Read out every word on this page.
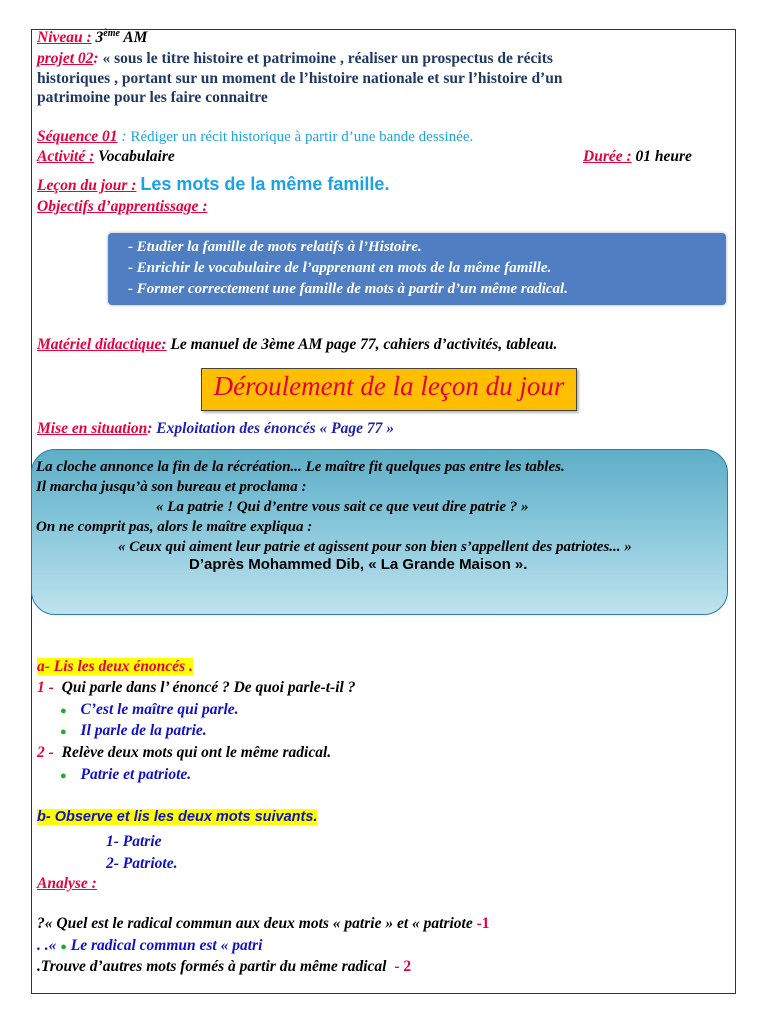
Niveau : 3ème AM
projet 02: « sous le titre histoire et patrimoine , réaliser un prospectus de récits
historiques , portant sur un moment de l’histoire nationale et sur l’histoire d’un
patrimoine pour les faire connaitre
Séquence 01 : Rédiger un récit historique à partir d’une bande dessinée.
Activité : Vocabulaire	Durée : 01 heure
Leçon du jour : Les mots de la même famille.
Objectifs d’apprentissage :
- Etudier la famille de mots relatifs à l’Histoire.
- Enrichir le vocabulaire de l’apprenant en mots de la même famille.
- Former correctement une famille de mots à partir d’un même radical.
Matériel didactique: Le manuel de 3ème AM page 77, cahiers d’activités, tableau.
Déroulement de la leçon du jour
Mise en situation: Exploitation des énoncés « Page 77 »
La cloche annonce la fin de la récréation... Le maître fit quelques pas entre les tables.
Il marcha jusqu’à son bureau et proclama :
« La patrie ! Qui d’entre vous sait ce que veut dire patrie ? »
On ne comprit pas, alors le maître expliqua :
« Ceux qui aiment leur patrie et agissent pour son bien s’appellent des patriotes... »
D’après Mohammed Dib, « La Grande Maison ».
a- Lis les deux énoncés .
1 - Qui parle dans l’ énoncé ? De quoi parle-t-il ?
● C’est le maître qui parle.
● Il parle de la patrie.
2 - Relève deux mots qui ont le même radical.
● Patrie et patriote.
b- Observe et lis les deux mots suivants.
1- Patrie
2- Patriote.
Analyse :
?« Quel est le radical commun aux deux mots « patrie » et « patriote -1
. .« ● Le radical commun est « patri
.Trouve d’autres mots formés à partir du même radical - 2
